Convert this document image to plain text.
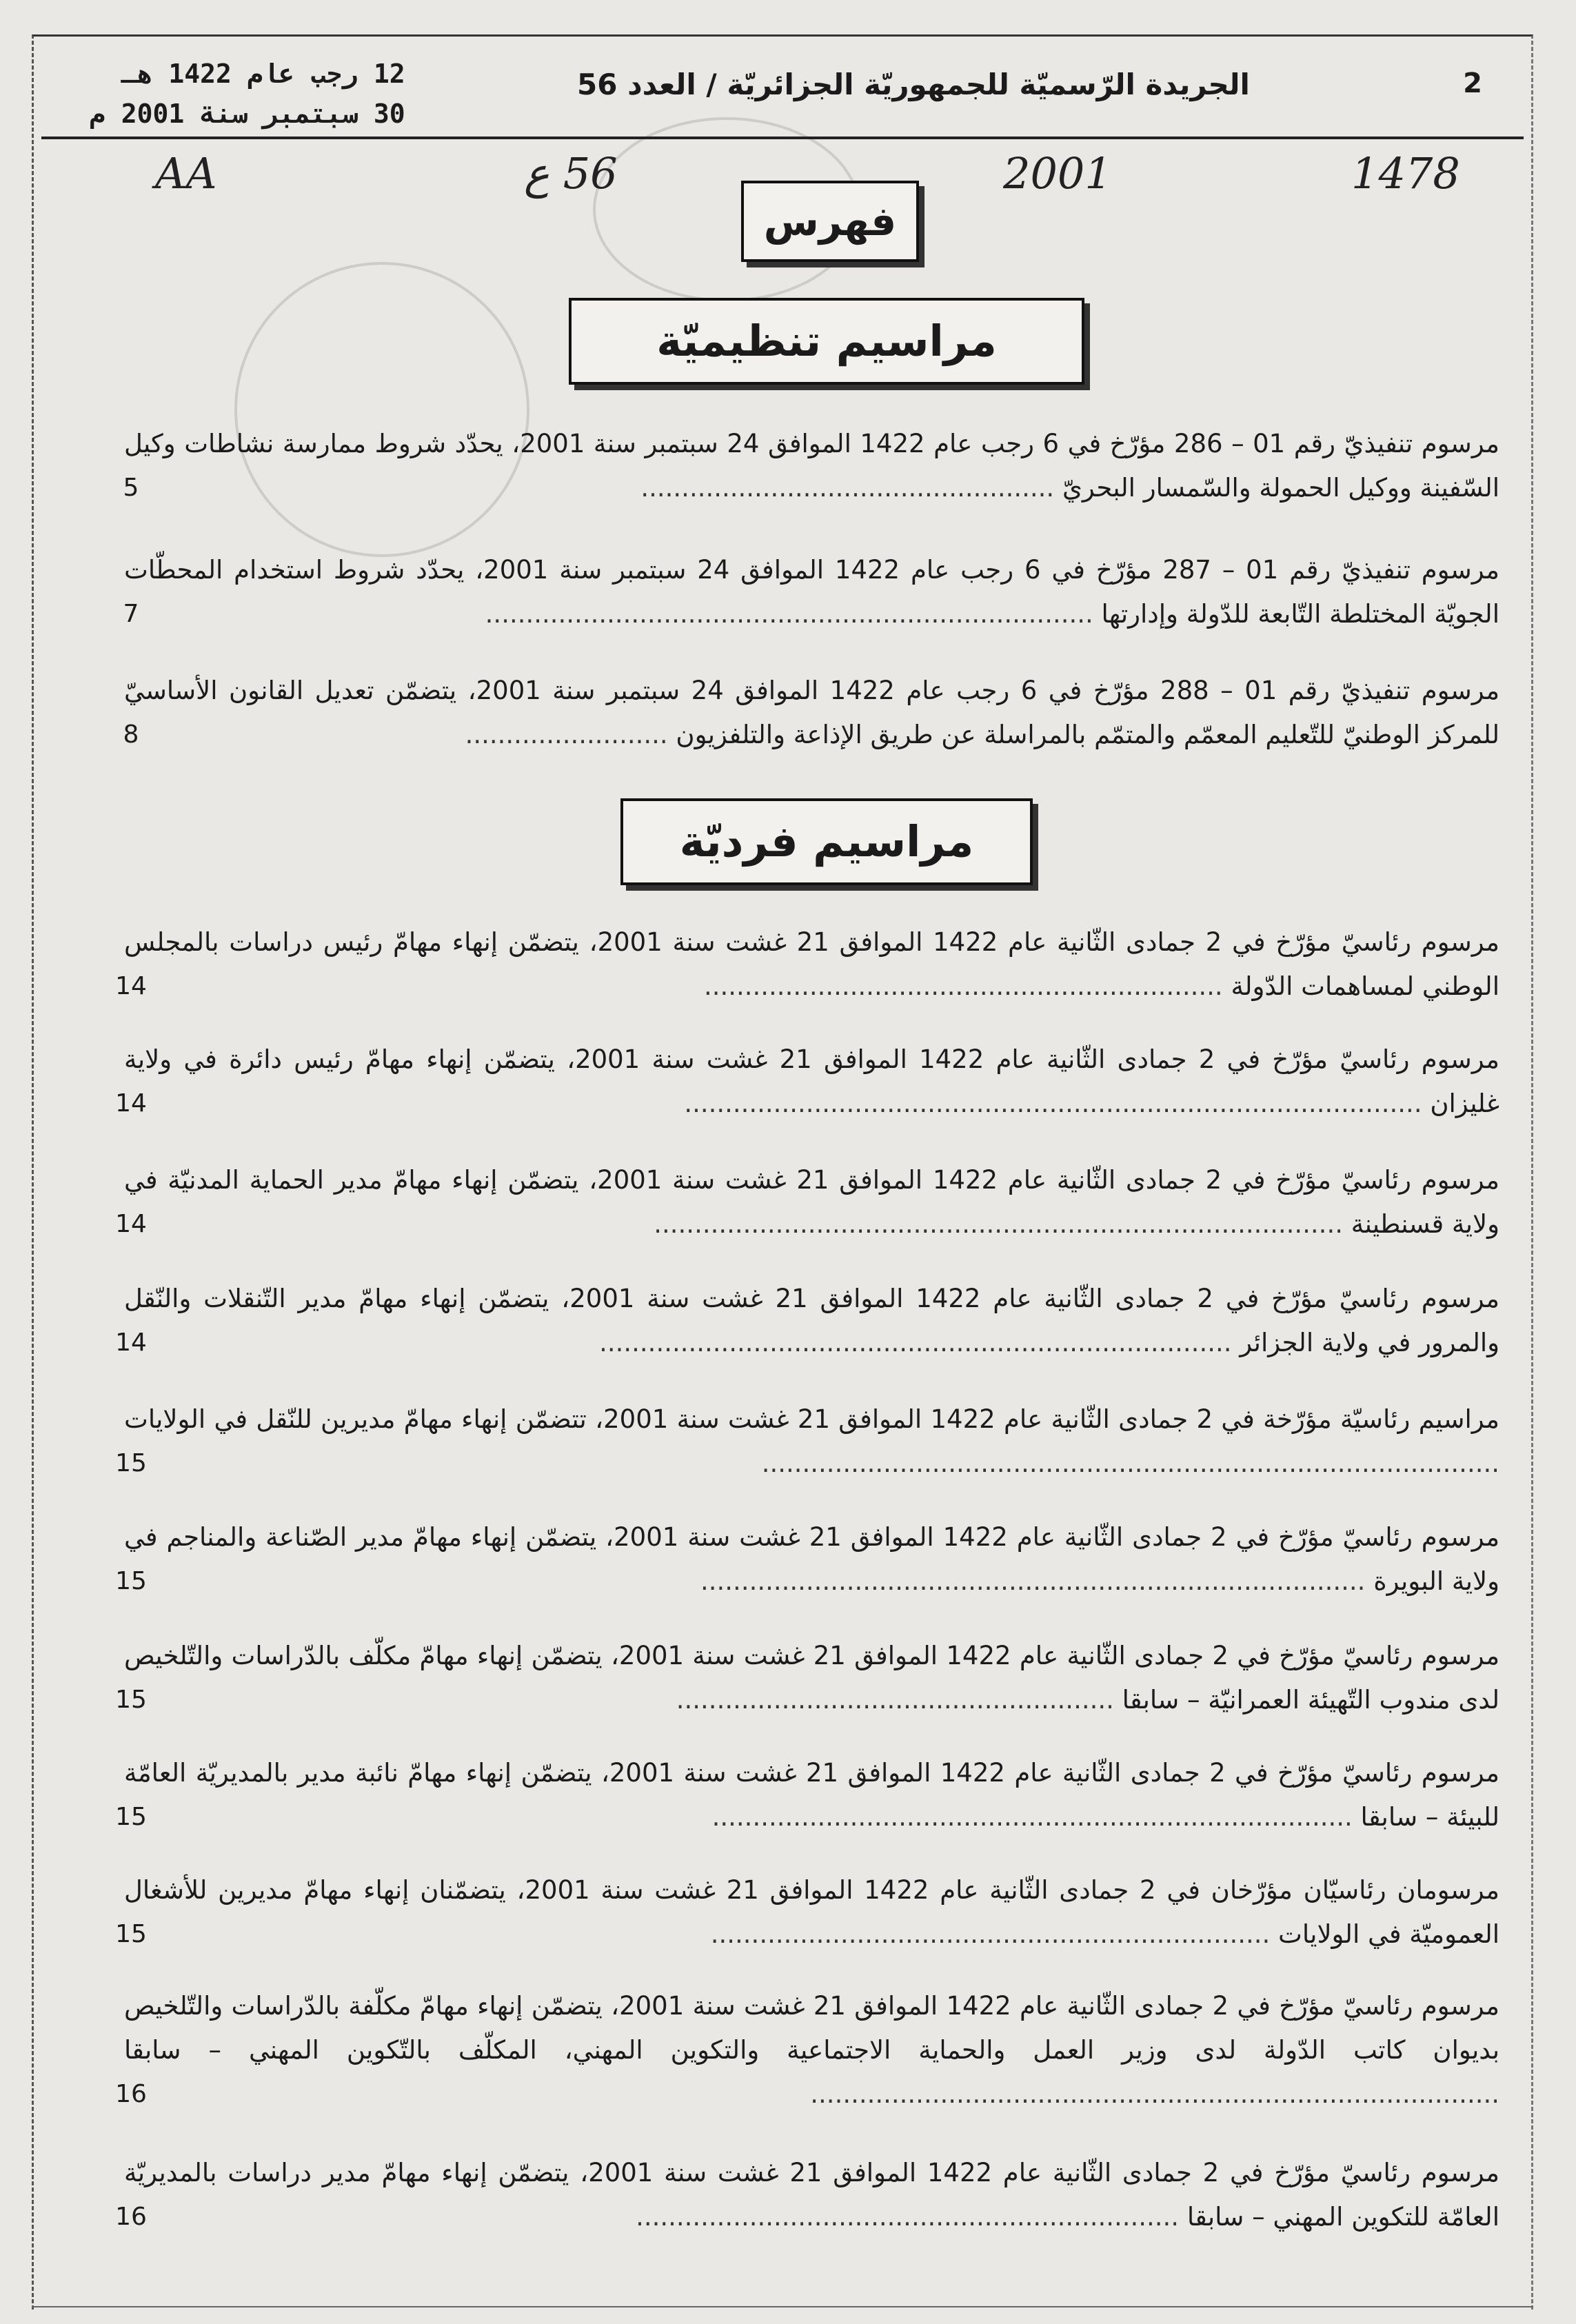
12 رجب عام 1422 هـ
30 سبتمبر سنة 2001 م
الجريدة الرّسميّة للجمهوريّة الجزائريّة / العدد 56	2
AA	56 ع	2001	1478
فهرس
مراسيم تنظيميّة
مرسوم تنفيذيّ رقم 01 – 286 مؤرّخ في 6 رجب عام 1422 الموافق 24 سبتمبر سنة 2001، يحدّد شروط ممارسة نشاطات وكيل السّفينة ووكيل الحمولة والسّمسار البحريّ ...................................................
5
مرسوم تنفيذيّ رقم 01 – 287 مؤرّخ في 6 رجب عام 1422 الموافق 24 سبتمبر سنة 2001، يحدّد شروط استخدام المحطّات الجويّة المختلطة التّابعة للدّولة وإدارتها ...........................................................................
7
مرسوم تنفيذيّ رقم 01 – 288 مؤرّخ في 6 رجب عام 1422 الموافق 24 سبتمبر سنة 2001، يتضمّن تعديل القانون الأساسيّ للمركز الوطنيّ للتّعليم المعمّم والمتمّم بالمراسلة عن طريق الإذاعة والتلفزيون .........................
8
مراسيم فرديّة
مرسوم رئاسيّ مؤرّخ في 2 جمادى الثّانية عام 1422 الموافق 21 غشت سنة 2001، يتضمّن إنهاء مهامّ رئيس دراسات بالمجلس الوطني لمساهمات الدّولة ................................................................
14
مرسوم رئاسيّ مؤرّخ في 2 جمادى الثّانية عام 1422 الموافق 21 غشت سنة 2001، يتضمّن إنهاء مهامّ رئيس دائرة في ولاية غليزان ...........................................................................................
14
مرسوم رئاسيّ مؤرّخ في 2 جمادى الثّانية عام 1422 الموافق 21 غشت سنة 2001، يتضمّن إنهاء مهامّ مدير الحماية المدنيّة في ولاية قسنطينة .....................................................................................
14
مرسوم رئاسيّ مؤرّخ في 2 جمادى الثّانية عام 1422 الموافق 21 غشت سنة 2001، يتضمّن إنهاء مهامّ مدير التّنقلات والنّقل والمرور في ولاية الجزائر ..............................................................................
14
مراسيم رئاسيّة مؤرّخة في 2 جمادى الثّانية عام 1422 الموافق 21 غشت سنة 2001، تتضمّن إنهاء مهامّ مديرين للنّقل في الولايات ...........................................................................................
15
مرسوم رئاسيّ مؤرّخ في 2 جمادى الثّانية عام 1422 الموافق 21 غشت سنة 2001، يتضمّن إنهاء مهامّ مدير الصّناعة والمناجم في ولاية البويرة ..................................................................................
15
مرسوم رئاسيّ مؤرّخ في 2 جمادى الثّانية عام 1422 الموافق 21 غشت سنة 2001، يتضمّن إنهاء مهامّ مكلّف بالدّراسات والتّلخيص لدى مندوب التّهيئة العمرانيّة – سابقا ......................................................
15
مرسوم رئاسيّ مؤرّخ في 2 جمادى الثّانية عام 1422 الموافق 21 غشت سنة 2001، يتضمّن إنهاء مهامّ نائبة مدير بالمديريّة العامّة للبيئة – سابقا ...............................................................................
15
مرسومان رئاسيّان مؤرّخان في 2 جمادى الثّانية عام 1422 الموافق 21 غشت سنة 2001، يتضمّنان إنهاء مهامّ مديرين للأشغال العموميّة في الولايات .....................................................................
15
مرسوم رئاسيّ مؤرّخ في 2 جمادى الثّانية عام 1422 الموافق 21 غشت سنة 2001، يتضمّن إنهاء مهامّ مكلّفة بالدّراسات والتّلخيص بديوان كاتب الدّولة لدى وزير العمل والحماية الاجتماعية والتكوين المهني، المكلّف بالتّكوين المهني – سابقا .....................................................................................
16
مرسوم رئاسيّ مؤرّخ في 2 جمادى الثّانية عام 1422 الموافق 21 غشت سنة 2001، يتضمّن إنهاء مهامّ مدير دراسات بالمديريّة العامّة للتكوين المهني – سابقا ...................................................................
16
